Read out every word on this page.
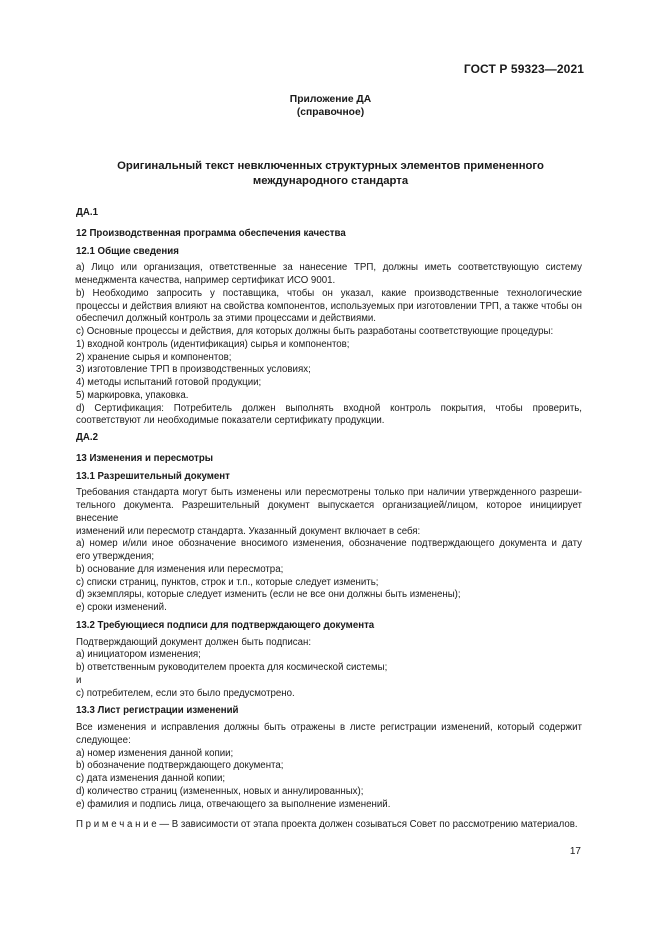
ГОСТ Р 59323—2021
Приложение ДА
(справочное)
Оригинальный текст невключенных структурных элементов примененного
международного стандарта

ДА.1

12 Производственная программа обеспечения качества

12.1 Общие сведения

а) Лицо или организация, ответственные за нанесение ТРП, должны иметь соответствующую систему
менеджмента качества, например сертификат ИСО 9001.

b) Необходимо запросить у поставщика, чтобы он указал, какие производственные технологические
процессы и действия влияют на свойства компонентов, используемых при изготовлении ТРП, а также чтобы он
обеспечил должный контроль за этими процессами и действиями.

с) Основные процессы и действия, для которых должны быть разработаны соответствующие процедуры:

1) входной контроль (идентификация) сырья и компонентов;

2) хранение сырья и компонентов;

3) изготовление ТРП в производственных условиях;

4) методы испытаний готовой продукции;

5) маркировка, упаковка.

d) Сертификация: Потребитель должен выполнять входной контроль покрытия, чтобы проверить,
соответствуют ли необходимые показатели сертификату продукции.

ДА.2

13 Изменения и пересмотры

13.1 Разрешительный документ

Требования стандарта могут быть изменены или пересмотрены только при наличии утвержденного разреши-
тельного документа. Разрешительный документ выпускается организацией/лицом, которое инициирует внесение
изменений или пересмотр стандарта. Указанный документ включает в себя:

a) номер и/или иное обозначение вносимого изменения, обозначение подтверждающего документа и дату
его утверждения;

b) основание для изменения или пересмотра;

c) списки страниц, пунктов, строк и т.п., которые следует изменить;

d) экземпляры, которые следует изменить (если не все они должны быть изменены);

e) сроки изменений.

13.2 Требующиеся подписи для подтверждающего документа

Подтверждающий документ должен быть подписан:

а) инициатором изменения;

b) ответственным руководителем проекта для космической системы;

и

с) потребителем, если это было предусмотрено.

13.3 Лист регистрации изменений

Все изменения и исправления должны быть отражены в листе регистрации изменений, который содержит
следующее:

а) номер изменения данной копии;

b) обозначение подтверждающего документа;

с) дата изменения данной копии;

d) количество страниц (измененных, новых и аннулированных);

е) фамилия и подпись лица, отвечающего за выполнение изменений.

П р и м е ч а н и е — В зависимости от этапа проекта должен созываться Совет по рассмотрению материалов.

17
